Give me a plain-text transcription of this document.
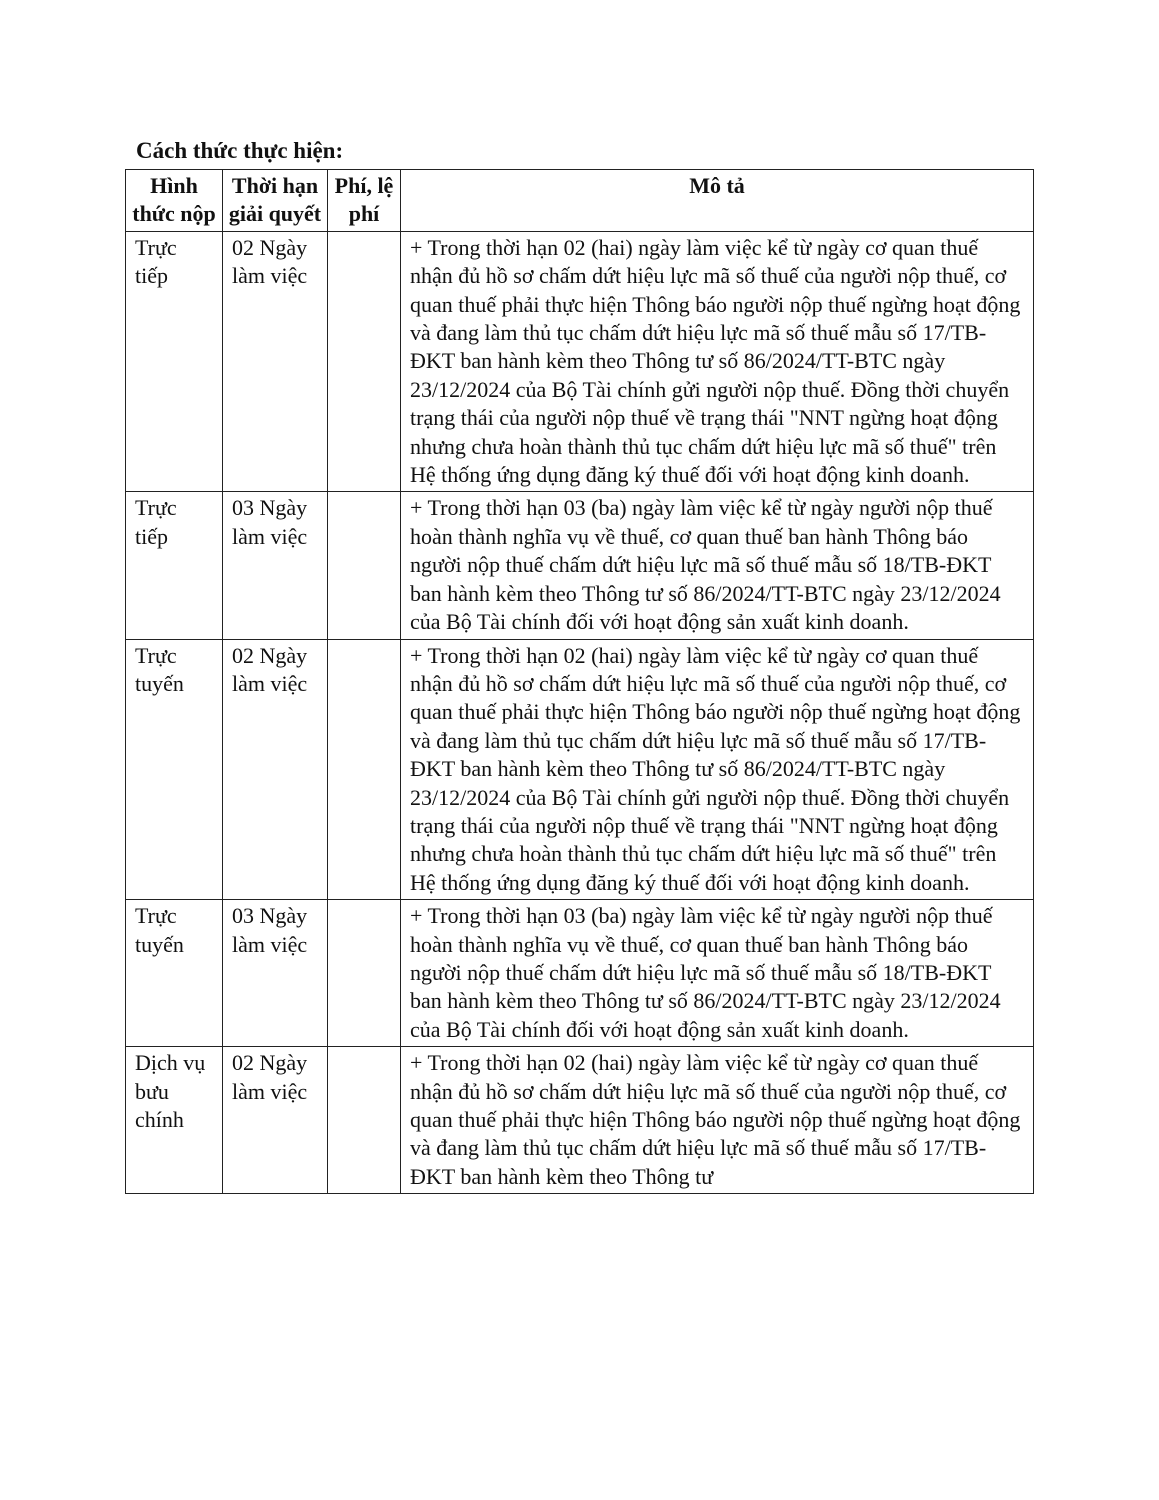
Cách thức thực hiện:
Hình thức nộp	Thời hạn giải quyết	Phí, lệ phí	Mô tả
Trực tiếp	02 Ngày làm việc		+ Trong thời hạn 02 (hai) ngày làm việc kể từ ngày cơ quan thuế nhận đủ hồ sơ chấm dứt hiệu lực mã số thuế của người nộp thuế, cơ quan thuế phải thực hiện Thông báo người nộp thuế ngừng hoạt động và đang làm thủ tục chấm dứt hiệu lực mã số thuế mẫu số 17/TB- ĐKT ban hành kèm theo Thông tư số 86/2024/TT-BTC ngày 23/12/2024 của Bộ Tài chính gửi người nộp thuế. Đồng thời chuyển trạng thái của người nộp thuế về trạng thái "NNT ngừng hoạt động nhưng chưa hoàn thành thủ tục chấm dứt hiệu lực mã số thuế" trên Hệ thống ứng dụng đăng ký thuế đối với hoạt động kinh doanh.
Trực tiếp	03 Ngày làm việc		+ Trong thời hạn 03 (ba) ngày làm việc kể từ ngày người nộp thuế hoàn thành nghĩa vụ về thuế, cơ quan thuế ban hành Thông báo người nộp thuế chấm dứt hiệu lực mã số thuế mẫu số 18/TB-ĐKT ban hành kèm theo Thông tư số 86/2024/TT-BTC ngày 23/12/2024 của Bộ Tài chính đối với hoạt động sản xuất kinh doanh.
Trực tuyến	02 Ngày làm việc		+ Trong thời hạn 02 (hai) ngày làm việc kể từ ngày cơ quan thuế nhận đủ hồ sơ chấm dứt hiệu lực mã số thuế của người nộp thuế, cơ quan thuế phải thực hiện Thông báo người nộp thuế ngừng hoạt động và đang làm thủ tục chấm dứt hiệu lực mã số thuế mẫu số 17/TB- ĐKT ban hành kèm theo Thông tư số 86/2024/TT-BTC ngày 23/12/2024 của Bộ Tài chính gửi người nộp thuế. Đồng thời chuyển trạng thái của người nộp thuế về trạng thái "NNT ngừng hoạt động nhưng chưa hoàn thành thủ tục chấm dứt hiệu lực mã số thuế" trên Hệ thống ứng dụng đăng ký thuế đối với hoạt động kinh doanh.
Trực tuyến	03 Ngày làm việc		+ Trong thời hạn 03 (ba) ngày làm việc kể từ ngày người nộp thuế hoàn thành nghĩa vụ về thuế, cơ quan thuế ban hành Thông báo người nộp thuế chấm dứt hiệu lực mã số thuế mẫu số 18/TB-ĐKT ban hành kèm theo Thông tư số 86/2024/TT-BTC ngày 23/12/2024 của Bộ Tài chính đối với hoạt động sản xuất kinh doanh.
Dịch vụ bưu chính	02 Ngày làm việc		+ Trong thời hạn 02 (hai) ngày làm việc kể từ ngày cơ quan thuế nhận đủ hồ sơ chấm dứt hiệu lực mã số thuế của người nộp thuế, cơ quan thuế phải thực hiện Thông báo người nộp thuế ngừng hoạt động và đang làm thủ tục chấm dứt hiệu lực mã số thuế mẫu số 17/TB- ĐKT ban hành kèm theo Thông tư
